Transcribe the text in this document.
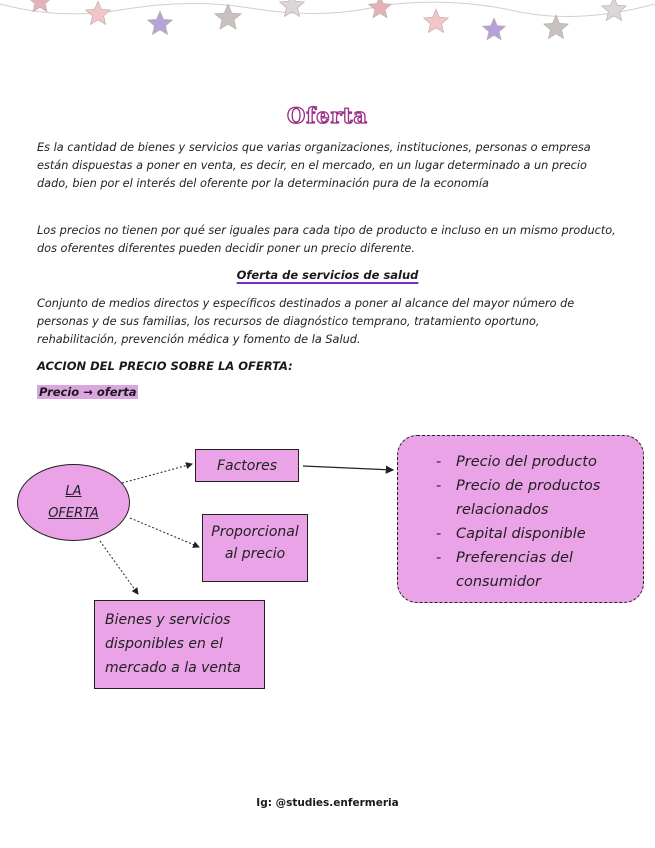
Oferta

Es la cantidad de bienes y servicios que varias organizaciones, instituciones, personas o empresa están dispuestas a poner en venta, es decir, en el mercado, en un lugar determinado a un precio dado, bien por el interés del oferente por la determinación pura de la economía

Los precios no tienen por qué ser iguales para cada tipo de producto e incluso en un mismo producto, dos oferentes diferentes pueden decidir poner un precio diferente.

Oferta de servicios de salud

Conjunto de medios directos y específicos destinados a poner al alcance del mayor número de personas y de sus familias, los recursos de diagnóstico temprano, tratamiento oportuno, rehabilitación, prevención médica y fomento de la Salud.

ACCION DEL PRECIO SOBRE LA OFERTA:
Precio → oferta
LA
OFERTA
Factores
Proporcional
al precio
Bienes y servicios
disponibles en el
mercado a la venta
- Precio del producto
- Precio de productos relacionados
- Capital disponible
- Preferencias del consumidor
Ig: @studies.enfermeria
